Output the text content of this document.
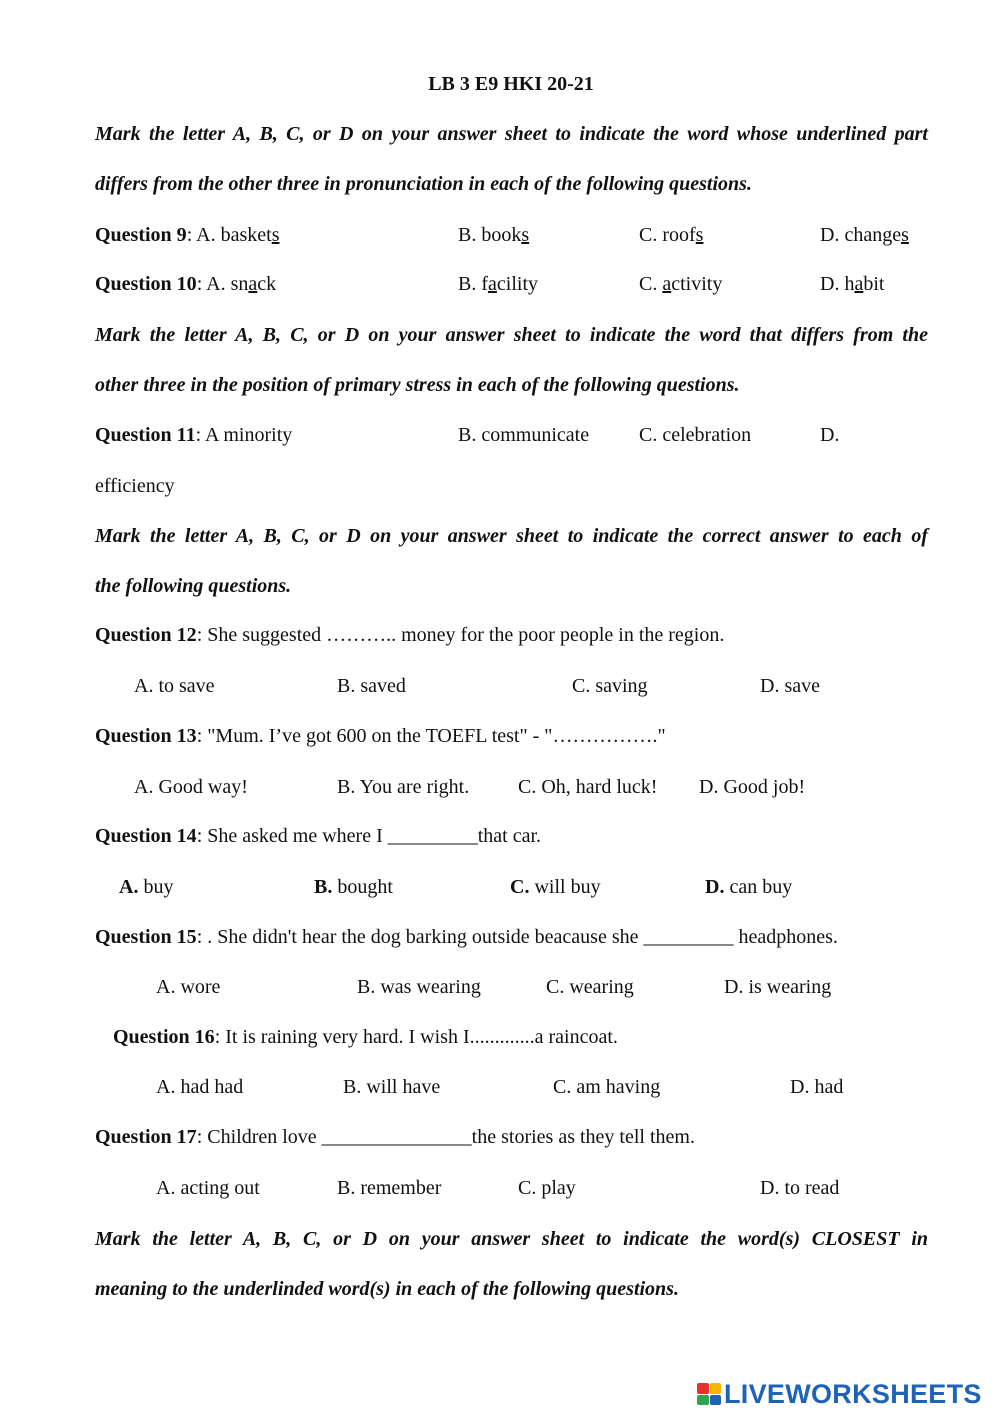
LB 3 E9 HKI 20-21
Mark the letter A, B, C, or D on your answer sheet to indicate the word whose underlined part
differs from the other three in pronunciation in each of the following questions.
Question 9: A. baskets	B. books	C. roofs	D. changes
Question 10: A. snack	B. facility	C. activity	D. habit
Mark the letter A, B, C, or D on your answer sheet to indicate the word that differs from the
other three in the position of primary stress in each of the following questions.
Question 11: A minority	B. communicate C. celebration	D.
efficiency
Mark the letter A, B, C, or D on your answer sheet to indicate the correct answer to each of
the following questions.
Question 12: She suggested ……….. money for the poor people in the region.
A. to save	B. saved	C. saving	D. save
Question 13: "Mum. I’ve got 600 on the TOEFL test" - "……………."
A. Good way!	B. You are right. C. Oh, hard luck! D. Good job!
Question 14: She asked me where I _________that car.
A. buy	B. bought	C. will buy	D. can buy
Question 15: . She didn't hear the dog barking outside beacause she _________ headphones.
A. wore	B. was wearing	C. wearing	D. is wearing
Question 16: It is raining very hard. I wish I.............a raincoat.
A. had had	B. will have	C. am having	D. had
Question 17: Children love _______________the stories as they tell them.
A. acting out	B. remember	C. play	D. to read
Mark the letter A, B, C, or D on your answer sheet to indicate the word(s) CLOSEST in
meaning to the underlinded word(s) in each of the following questions.
LIVEWORKSHEETS
